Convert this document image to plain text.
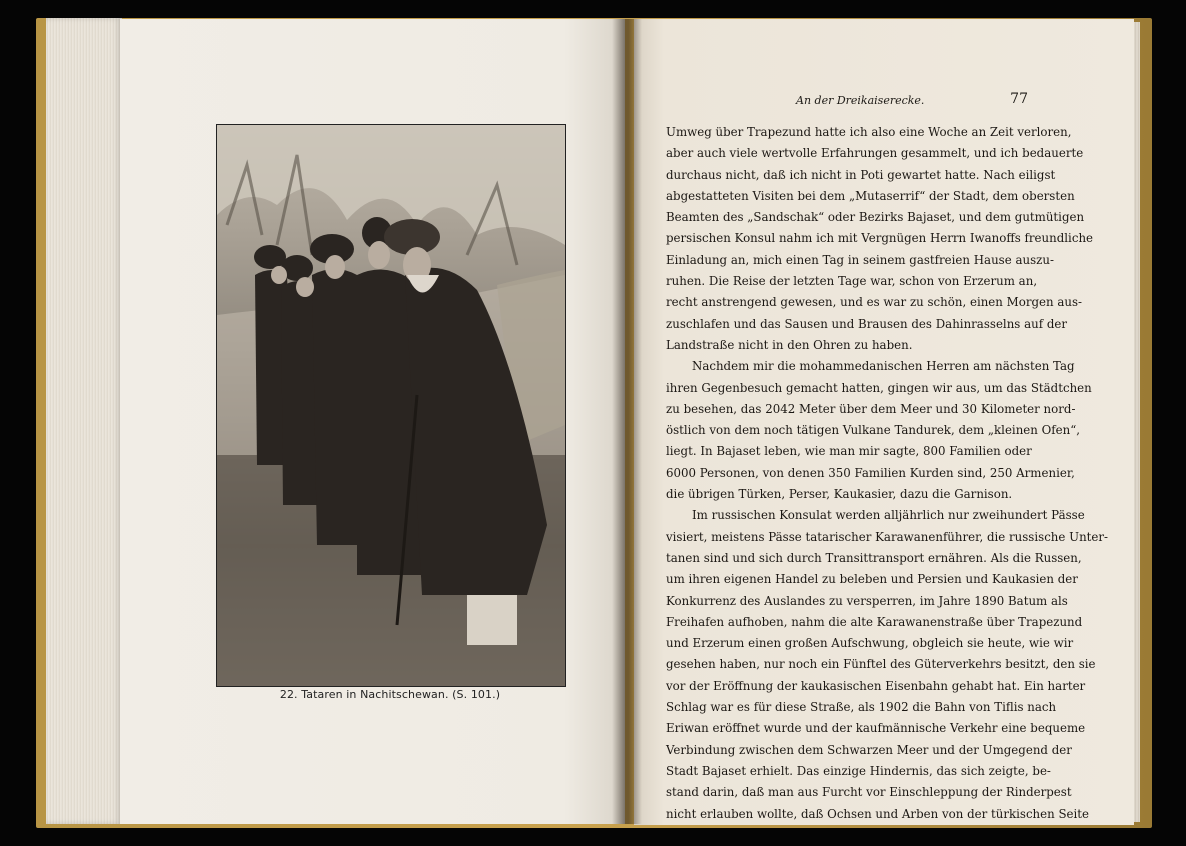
22. Tataren in Nachitschewan. (S. 101.)
An der Dreikaiserecke.	77
Umweg über Trapezund hatte ich also eine Woche an Zeit verloren,
aber auch viele wertvolle Erfahrungen gesammelt, und ich bedauerte
durchaus nicht, daß ich nicht in Poti gewartet hatte. Nach eiligst
abgestatteten Visiten bei dem „Mutaserrif“ der Stadt, dem obersten
Beamten des „Sandschak“ oder Bezirks Bajaset, und dem gutmütigen
persischen Konsul nahm ich mit Vergnügen Herrn Iwanoffs freundliche
Einladung an, mich einen Tag in seinem gastfreien Hause auszu-
ruhen. Die Reise der letzten Tage war, schon von Erzerum an,
recht anstrengend gewesen, und es war zu schön, einen Morgen aus-
zuschlafen und das Sausen und Brausen des Dahinrasselns auf der
Landstraße nicht in den Ohren zu haben.
Nachdem mir die mohammedanischen Herren am nächsten Tag
ihren Gegenbesuch gemacht hatten, gingen wir aus, um das Städtchen
zu besehen, das 2042 Meter über dem Meer und 30 Kilometer nord-
östlich von dem noch tätigen Vulkane Tandurek, dem „kleinen Ofen“,
liegt. In Bajaset leben, wie man mir sagte, 800 Familien oder
6000 Personen, von denen 350 Familien Kurden sind, 250 Armenier,
die übrigen Türken, Perser, Kaukasier, dazu die Garnison.
Im russischen Konsulat werden alljährlich nur zweihundert Pässe
visiert, meistens Pässe tatarischer Karawanenführer, die russische Unter-
tanen sind und sich durch Transittransport ernähren. Als die Russen,
um ihren eigenen Handel zu beleben und Persien und Kaukasien der
Konkurrenz des Auslandes zu versperren, im Jahre 1890 Batum als
Freihafen aufhoben, nahm die alte Karawanenstraße über Trapezund
und Erzerum einen großen Aufschwung, obgleich sie heute, wie wir
gesehen haben, nur noch ein Fünftel des Güterverkehrs besitzt, den sie
vor der Eröffnung der kaukasischen Eisenbahn gehabt hat. Ein harter
Schlag war es für diese Straße, als 1902 die Bahn von Tiflis nach
Eriwan eröffnet wurde und der kaufmännische Verkehr eine bequeme
Verbindung zwischen dem Schwarzen Meer und der Umgegend der
Stadt Bajaset erhielt. Das einzige Hindernis, das sich zeigte, be-
stand darin, daß man aus Furcht vor Einschleppung der Rinderpest
nicht erlauben wollte, daß Ochsen und Arben von der türkischen Seite
